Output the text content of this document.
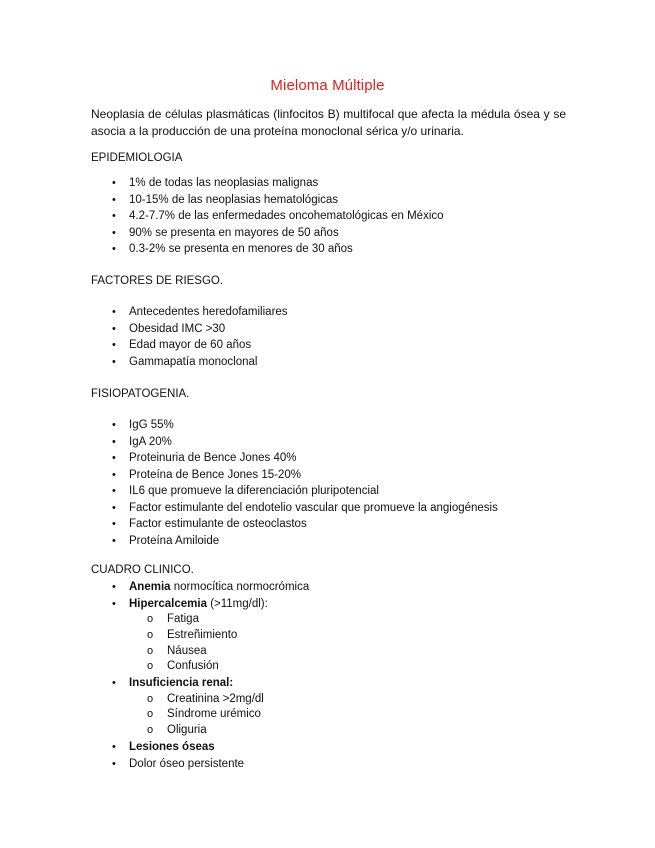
Mieloma Múltiple
Neoplasia de células plasmáticas (linfocitos B) multifocal que afecta la médula ósea y se asocia a la producción de una proteína monoclonal sérica y/o urinaria.
EPIDEMIOLOGIA
• 1% de todas las neoplasias malignas
• 10-15% de las neoplasias hematológicas
• 4.2-7.7% de las enfermedades oncohematológicas en México
• 90% se presenta en mayores de 50 años
• 0.3-2% se presenta en menores de 30 años
FACTORES DE RIESGO.
• Antecedentes heredofamiliares
• Obesidad IMC >30
• Edad mayor de 60 años
• Gammapatía monoclonal
FISIOPATOGENIA.
• IgG 55%
• IgA 20%
• Proteinuria de Bence Jones 40%
• Proteína de Bence Jones 15-20%
• IL6 que promueve la diferenciación pluripotencial
• Factor estimulante del endotelio vascular que promueve la angiogénesis
• Factor estimulante de osteoclastos
• Proteína Amiloide
CUADRO CLINICO.
• Anemia normocítica normocrómica
• Hipercalcemia (>11mg/dl):
o Fatiga
o Estreñimiento
o Náusea
o Confusión
• Insuficiencia renal:
o Creatinina >2mg/dl
o Síndrome urémico
o Oliguria
• Lesiones óseas
• Dolor óseo persistente
